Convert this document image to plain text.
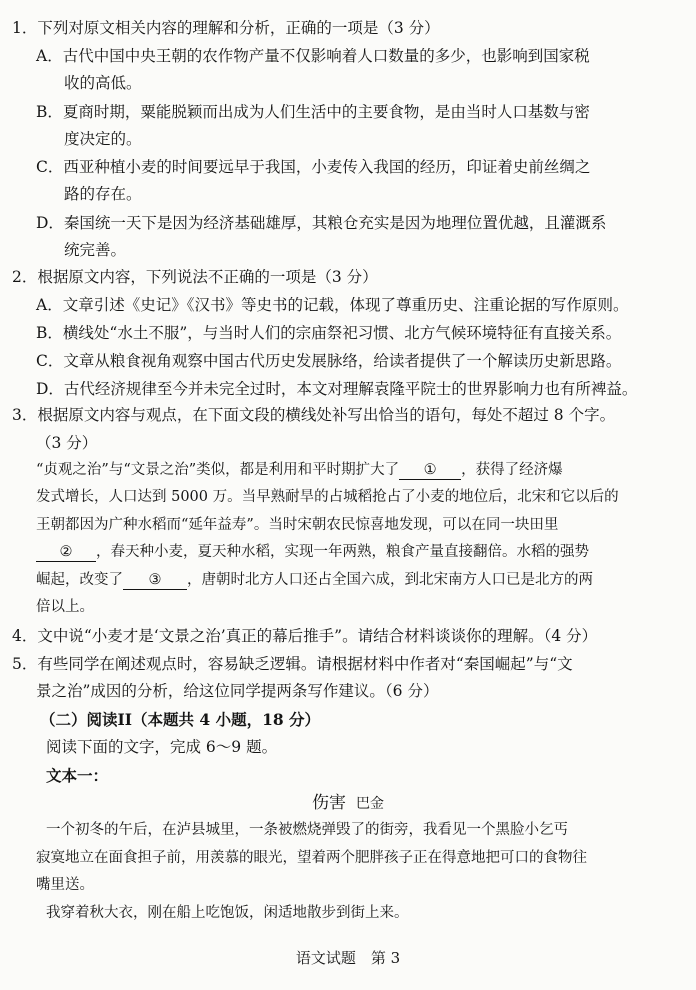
1．下列对原文相关内容的理解和分析，正确的一项是（3 分）
A．古代中国中央王朝的农作物产量不仅影响着人口数量的多少，也影响到国家税
收的高低。
B．夏商时期，粟能脱颖而出成为人们生活中的主要食物，是由当时人口基数与密
度决定的。
C．西亚种植小麦的时间要远早于我国，小麦传入我国的经历，印证着史前丝绸之
路的存在。
D．秦国统一天下是因为经济基础雄厚，其粮仓充实是因为地理位置优越，且灌溉系
统完善。
2．根据原文内容，下列说法不正确的一项是（3 分）
A．文章引述《史记》《汉书》等史书的记载，体现了尊重历史、注重论据的写作原则。
B．横线处“水土不服”，与当时人们的宗庙祭祀习惯、北方气候环境特征有直接关系。
C．文章从粮食视角观察中国古代历史发展脉络，给读者提供了一个解读历史新思路。
D．古代经济规律至今并未完全过时，本文对理解袁隆平院士的世界影响力也有所裨益。
3．根据原文内容与观点，在下面文段的横线处补写出恰当的语句，每处不超过 8 个字。
（3 分）
“贞观之治”与“文景之治”类似，都是利用和平时期扩大了 ① ，获得了经济爆
发式增长，人口达到 5000 万。当早熟耐旱的占城稻抢占了小麦的地位后，北宋和它以后的
王朝都因为广种水稻而“延年益寿”。当时宋朝农民惊喜地发现，可以在同一块田里
② ，春天种小麦，夏天种水稻，实现一年两熟，粮食产量直接翻倍。水稻的强势
崛起，改变了 ③ ，唐朝时北方人口还占全国六成，到北宋南方人口已是北方的两
倍以上。
4．文中说“小麦才是‘文景之治’真正的幕后推手”。请结合材料谈谈你的理解。（4 分）
5．有些同学在阐述观点时，容易缺乏逻辑。请根据材料中作者对“秦国崛起”与“文
景之治”成因的分析，给这位同学提两条写作建议。（6 分）
（二）阅读II（本题共 4 小题，18 分）
阅读下面的文字，完成 6～9 题。
文本一：
伤害 巴金
一个初冬的午后，在泸县城里，一条被燃烧弹毁了的街旁，我看见一个黑脸小乞丐
寂寞地立在面食担子前，用羡慕的眼光，望着两个肥胖孩子正在得意地把可口的食物往
嘴里送。
我穿着秋大衣，刚在船上吃饱饭，闲适地散步到街上来。
语文试题　第 3
